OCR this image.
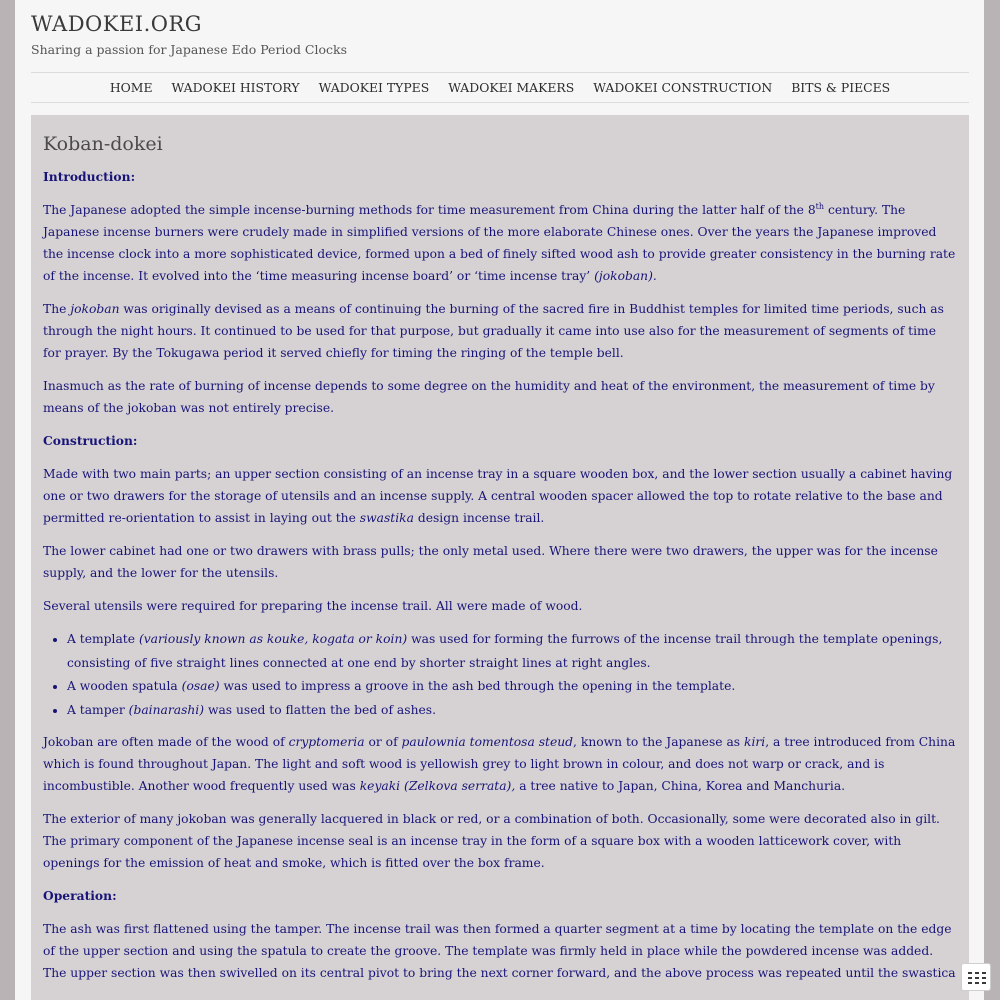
WADOKEI.ORG
Sharing a passion for Japanese Edo Period Clocks
HOME WADOKEI HISTORY WADOKEI TYPES WADOKEI MAKERS WADOKEI CONSTRUCTION BITS & PIECES
Koban-dokei

Introduction:

The Japanese adopted the simple incense-burning methods for time measurement from China during the latter half of the 8th century. The Japanese incense burners were crudely made in simplified versions of the more elaborate Chinese ones. Over the years the Japanese improved the incense clock into a more sophisticated device, formed upon a bed of finely sifted wood ash to provide greater consistency in the burning rate of the incense. It evolved into the ‘time measuring incense board’ or ‘time incense tray’ (jokoban).

The jokoban was originally devised as a means of continuing the burning of the sacred fire in Buddhist temples for limited time periods, such as through the night hours. It continued to be used for that purpose, but gradually it came into use also for the measurement of segments of time for prayer. By the Tokugawa period it served chiefly for timing the ringing of the temple bell.

Inasmuch as the rate of burning of incense depends to some degree on the humidity and heat of the environment, the measurement of time by means of the jokoban was not entirely precise.

Construction:

Made with two main parts; an upper section consisting of an incense tray in a square wooden box, and the lower section usually a cabinet having one or two drawers for the storage of utensils and an incense supply. A central wooden spacer allowed the top to rotate relative to the base and permitted re-orientation to assist in laying out the swastika design incense trail.

The lower cabinet had one or two drawers with brass pulls; the only metal used. Where there were two drawers, the upper was for the incense supply, and the lower for the utensils.

Several utensils were required for preparing the incense trail. All were made of wood.

• A template (variously known as kouke, kogata or koin) was used for forming the furrows of the incense trail through the template openings, consisting of five straight lines connected at one end by shorter straight lines at right angles.
• A wooden spatula (osae) was used to impress a groove in the ash bed through the opening in the template.
• A tamper (bainarashi) was used to flatten the bed of ashes.

Jokoban are often made of the wood of cryptomeria or of paulownia tomentosa steud, known to the Japanese as kiri, a tree introduced from China which is found throughout Japan. The light and soft wood is yellowish grey to light brown in colour, and does not warp or crack, and is incombustible. Another wood frequently used was keyaki (Zelkova serrata), a tree native to Japan, China, Korea and Manchuria.

The exterior of many jokoban was generally lacquered in black or red, or a combination of both. Occasionally, some were decorated also in gilt. The primary component of the Japanese incense seal is an incense tray in the form of a square box with a wooden latticework cover, with openings for the emission of heat and smoke, which is fitted over the box frame.

Operation:

The ash was first flattened using the tamper. The incense trail was then formed a quarter segment at a time by locating the template on the edge of the upper section and using the spatula to create the groove. The template was firmly held in place while the powdered incense was added. The upper section was then swivelled on its central pivot to bring the next corner forward, and the above process was repeated until the swastica
